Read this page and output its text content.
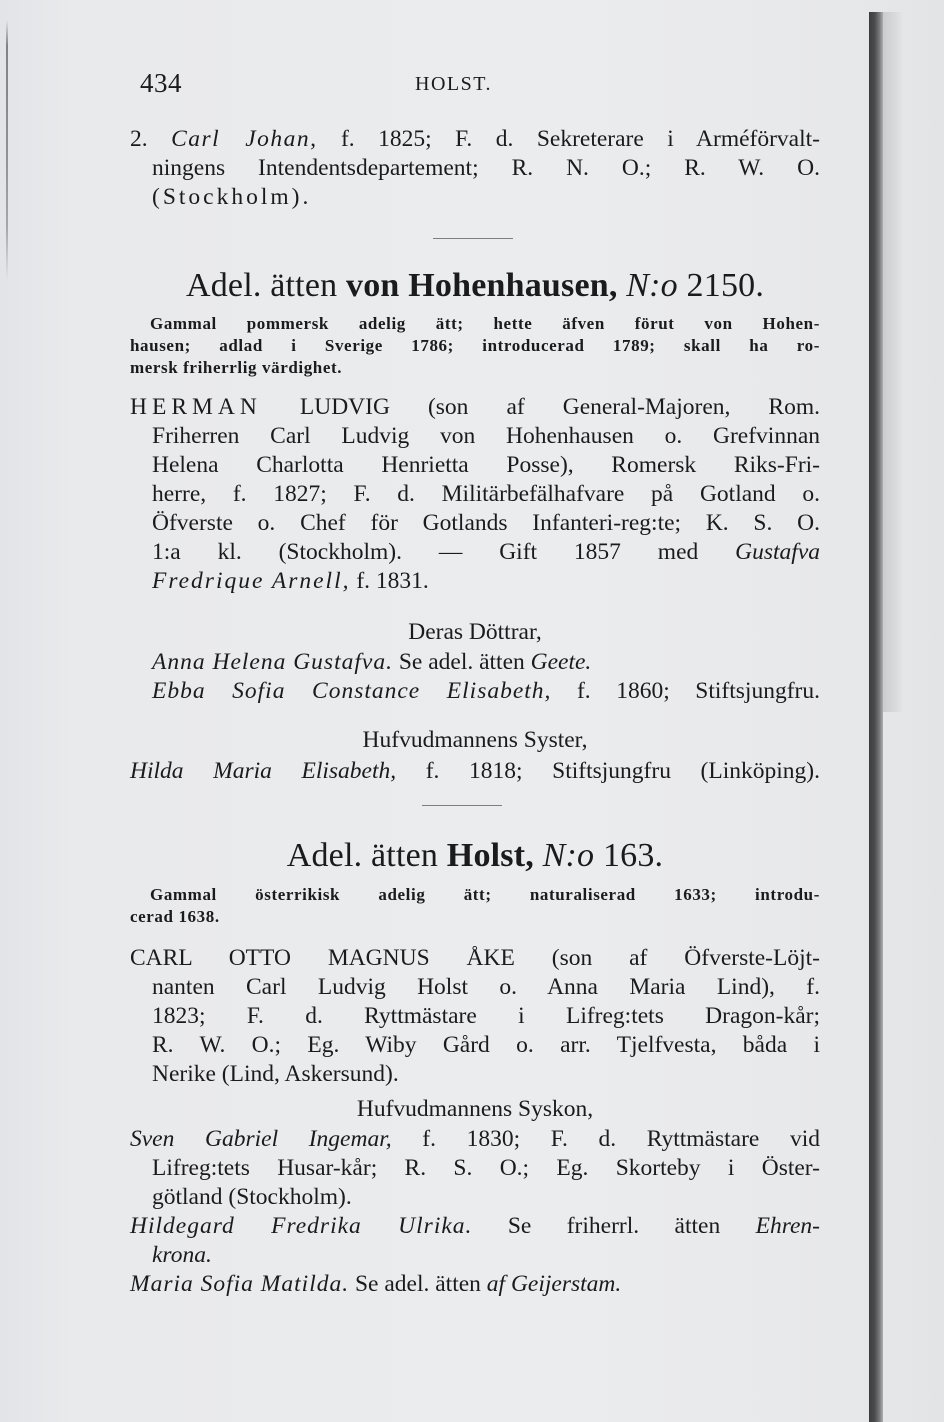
434	HOLST.
2. Carl Johan, f. 1825; F. d. Sekreterare i Arméförvalt-
ningens Intendentsdepartement; R. N. O.; R. W. O.
(Stockholm).
Adel. ätten von Hohenhausen, N:o 2150.
Gammal pommersk adelig ätt; hette äfven förut von Hohen-
hausen; adlad i Sverige 1786; introducerad 1789; skall ha ro-
mersk friherrlig värdighet.
HERMAN LUDVIG (son af General-Majoren, Rom.
Friherren Carl Ludvig von Hohenhausen o. Grefvinnan
Helena Charlotta Henrietta Posse), Romersk Riks-Fri-
herre, f. 1827; F. d. Militärbefälhafvare på Gotland o.
Öfverste o. Chef för Gotlands Infanteri-reg:te; K. S. O.
1:a kl. (Stockholm). — Gift 1857 med Gustafva
Fredrique Arnell, f. 1831.
Deras Döttrar,
Anna Helena Gustafva. Se adel. ätten Geete.
Ebba Sofia Constance Elisabeth, f. 1860; Stiftsjungfru.
Hufvudmannens Syster,
Hilda Maria Elisabeth, f. 1818; Stiftsjungfru (Linköping).
Adel. ätten Holst, N:o 163.
Gammal österrikisk adelig ätt; naturaliserad 1633; introdu-
cerad 1638.
CARL OTTO MAGNUS ÅKE (son af Öfverste-Löjt-
nanten Carl Ludvig Holst o. Anna Maria Lind), f.
1823; F. d. Ryttmästare i Lifreg:tets Dragon-kår;
R. W. O.; Eg. Wiby Gård o. arr. Tjelfvesta, båda i
Nerike (Lind, Askersund).
Hufvudmannens Syskon,
Sven Gabriel Ingemar, f. 1830; F. d. Ryttmästare vid
Lifreg:tets Husar-kår; R. S. O.; Eg. Skorteby i Öster-
götland (Stockholm).
Hildegard Fredrika Ulrika. Se friherrl. ätten Ehren-
krona.
Maria Sofia Matilda. Se adel. ätten af Geijerstam.
